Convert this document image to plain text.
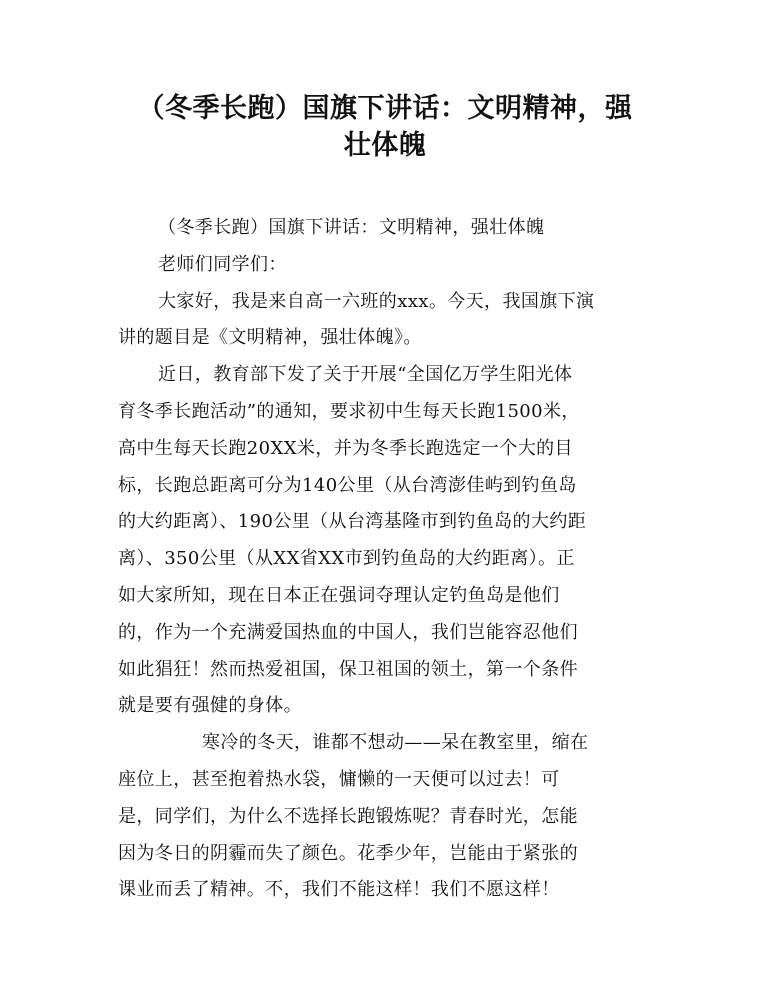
（冬季长跑）国旗下讲话：文明精神，强
壮体魄
（冬季长跑）国旗下讲话：文明精神，强壮体魄
老师们同学们：
大家好，我是来自高一六班的xxx。今天，我国旗下演
讲的题目是《文明精神，强壮体魄》。
近日，教育部下发了关于开展“全国亿万学生阳光体
育冬季长跑活动”的通知，要求初中生每天长跑1500米，
高中生每天长跑20XX米，并为冬季长跑选定一个大的目
标，长跑总距离可分为140公里（从台湾澎佳屿到钓鱼岛
的大约距离）、190公里（从台湾基隆市到钓鱼岛的大约距
离）、350公里（从XX省XX市到钓鱼岛的大约距离）。正
如大家所知，现在日本正在强词夺理认定钓鱼岛是他们
的，作为一个充满爱国热血的中国人，我们岂能容忍他们
如此猖狂！然而热爱祖国，保卫祖国的领土，第一个条件
就是要有强健的身体。
寒冷的冬天，谁都不想动——呆在教室里，缩在
座位上，甚至抱着热水袋，慵懒的一天便可以过去！可
是，同学们，为什么不选择长跑锻炼呢？青春时光，怎能
因为冬日的阴霾而失了颜色。花季少年，岂能由于紧张的
课业而丢了精神。不，我们不能这样！我们不愿这样！
